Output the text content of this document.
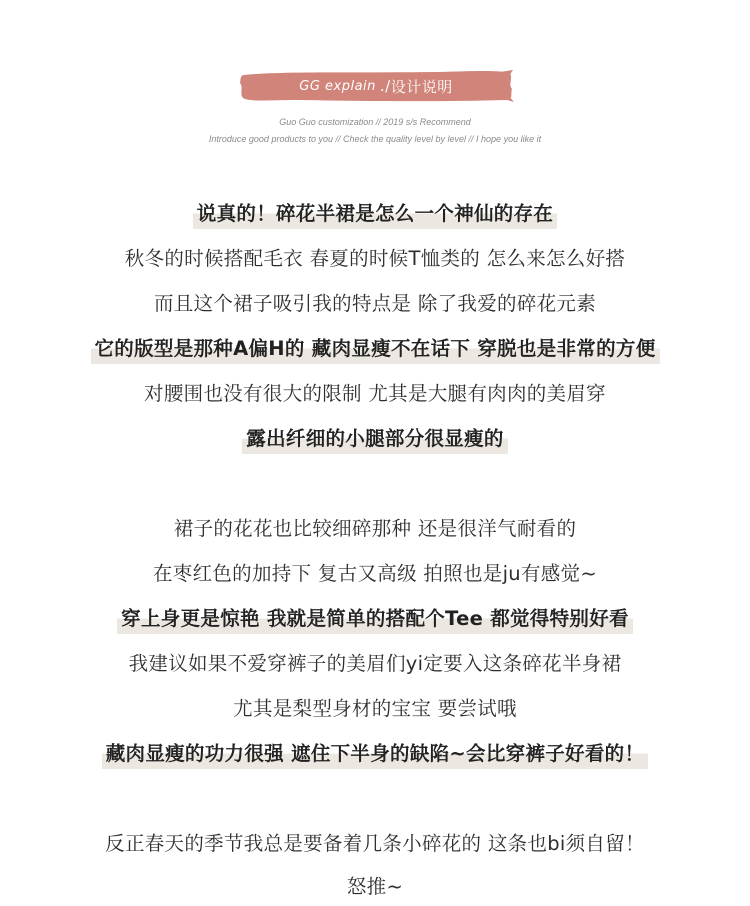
GG explain ./ 设计说明
Guo Guo customization // 2019 s/s Recommend
Introduce good products to you // Check the quality level by level // I hope you like it
说真的！碎花半裙是怎么一个神仙的存在
秋冬的时候搭配毛衣 春夏的时候T恤类的 怎么来怎么好搭
而且这个裙子吸引我的特点是 除了我爱的碎花元素
它的版型是那种A偏H的 藏肉显瘦不在话下 穿脱也是非常的方便
对腰围也没有很大的限制 尤其是大腿有肉肉的美眉穿
露出纤细的小腿部分很显瘦的
裙子的花花也比较细碎那种 还是很洋气耐看的
在枣红色的加持下 复古又高级 拍照也是ju有感觉~
穿上身更是惊艳 我就是简单的搭配个Tee 都觉得特别好看
我建议如果不爱穿裤子的美眉们yi定要入这条碎花半身裙
尤其是梨型身材的宝宝 要尝试哦
藏肉显瘦的功力很强 遮住下半身的缺陷~会比穿裤子好看的！
反正春天的季节我总是要备着几条小碎花的 这条也bi须自留！
怒推~
